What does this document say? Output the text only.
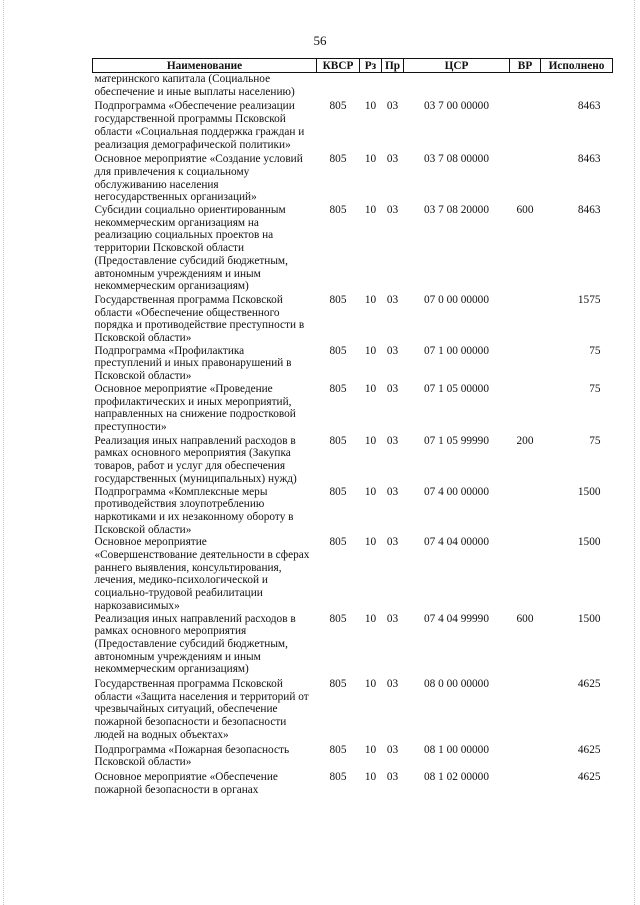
56
Наименование	КВСР	Рз	Пр	ЦСР	ВР	Исполнено
материнского капитала (Социальное обеспечение и иные выплаты населению)						
Подпрограмма «Обеспечение реализации государственной программы Псковской области «Социальная поддержка граждан и реализация демографической политики»	805	10	03	03 7 00 00000		8463
Основное мероприятие «Создание условий для привлечения к социальному обслуживанию населения негосударственных организаций»	805	10	03	03 7 08 00000		8463
Субсидии социально ориентированным некоммерческим организациям на реализацию социальных проектов на территории Псковской области (Предоставление субсидий бюджетным, автономным учреждениям и иным некоммерческим организациям)	805	10	03	03 7 08 20000	600	8463
Государственная программа Псковской области «Обеспечение общественного порядка и противодействие преступности в Псковской области»	805	10	03	07 0 00 00000		1575
Подпрограмма «Профилактика преступлений и иных правонарушений в Псковской области»	805	10	03	07 1 00 00000		75
Основное мероприятие «Проведение профилактических и иных мероприятий, направленных на снижение подростковой преступности»	805	10	03	07 1 05 00000		75
Реализация иных направлений расходов в рамках основного мероприятия (Закупка товаров, работ и услуг для обеспечения государственных (муниципальных) нужд)	805	10	03	07 1 05 99990	200	75
Подпрограмма «Комплексные меры противодействия злоупотреблению наркотиками и их незаконному обороту в Псковской области»	805	10	03	07 4 00 00000		1500
Основное мероприятие «Совершенствование деятельности в сферах раннего выявления, консультирования, лечения, медико-психологической и социально-трудовой реабилитации наркозависимых»	805	10	03	07 4 04 00000		1500
Реализация иных направлений расходов в рамках основного мероприятия (Предоставление субсидий бюджетным, автономным учреждениям и иным некоммерческим организациям)	805	10	03	07 4 04 99990	600	1500
Государственная программа Псковской области «Защита населения и территорий от чрезвычайных ситуаций, обеспечение пожарной безопасности и безопасности людей на водных объектах»	805	10	03	08 0 00 00000		4625
Подпрограмма «Пожарная безопасность Псковской области»	805	10	03	08 1 00 00000		4625
Основное мероприятие «Обеспечение пожарной безопасности в органах	805	10	03	08 1 02 00000		4625
